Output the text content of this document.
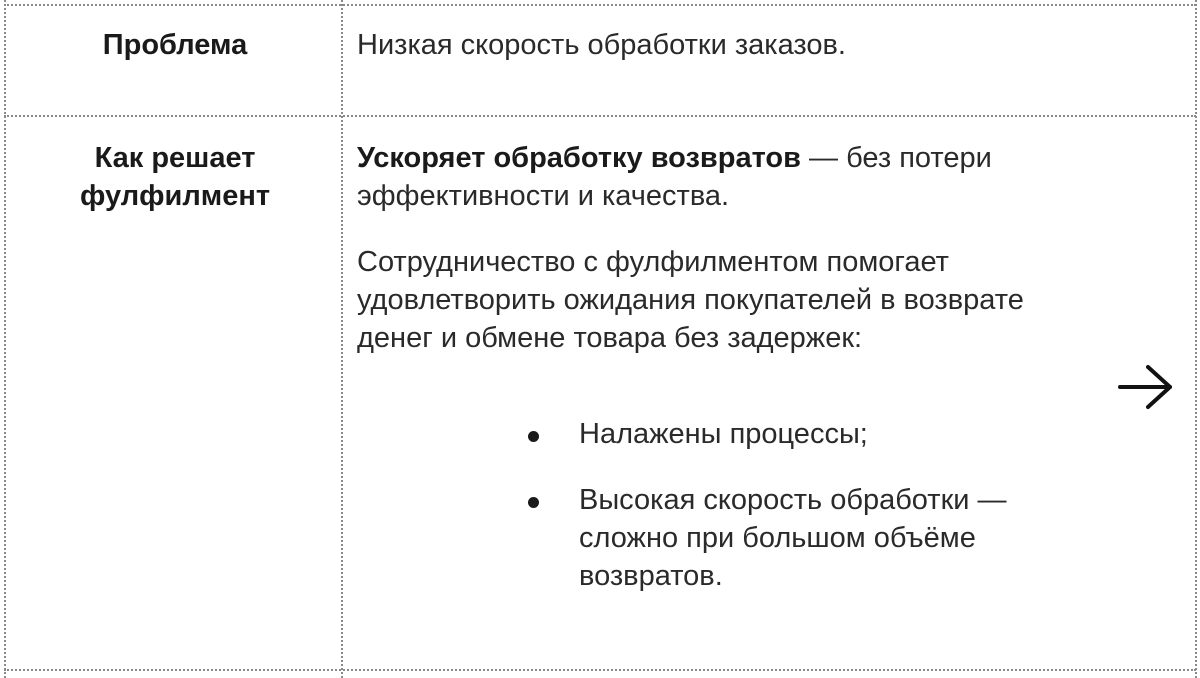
Проблема	Низкая скорость обработки заказов.
Как решает
фулфилмент

Ускоряет обработку возвратов — без потери эффективности и качества.

Сотрудничество с фулфилментом помогает удовлетворить ожидания покупателей в возврате денег и обмене товара без задержек:

Налажены процессы;
Высокая скорость обработки — сложно при большом объёме возвратов.
